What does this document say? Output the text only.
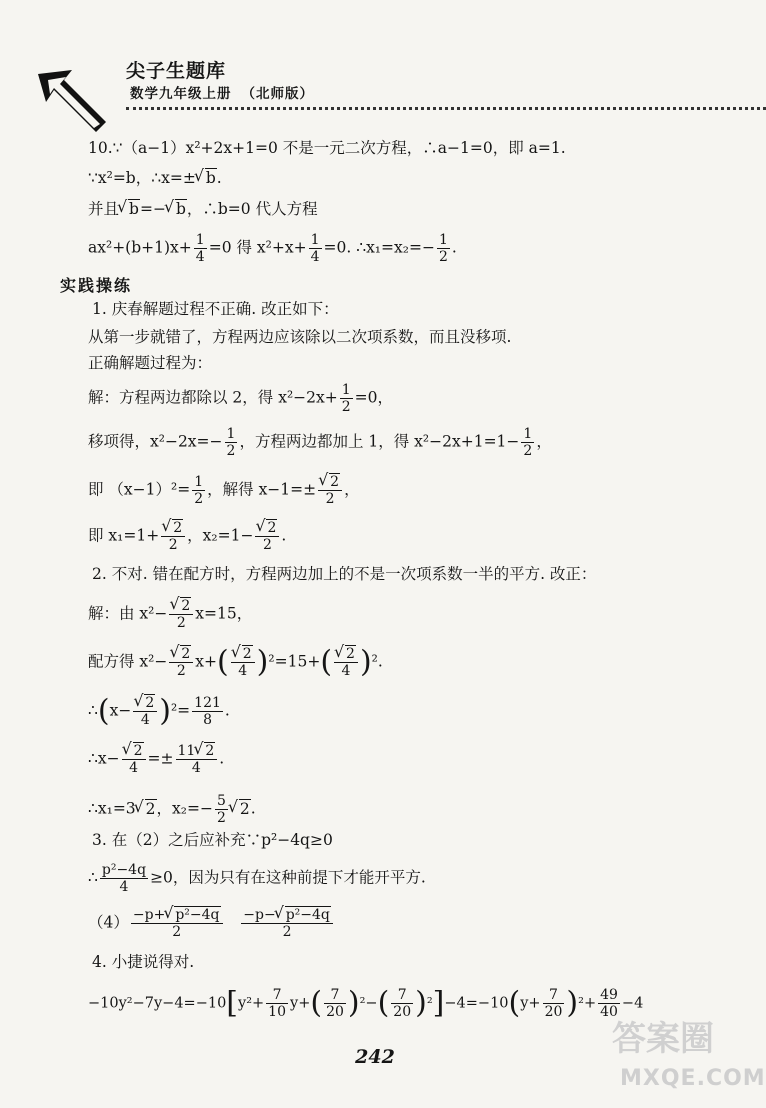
尖子生题库
数学九年级上册 （北师版）
10.∵（a−1）x²+2x+1=0 不是一元二次方程，∴a−1=0，即 a=1.
∵x²=b，∴x=± √ b.
并且 √ b=− √ b，∴b=0 代人方程
$ax^2+(b+1)x+ \frac{1}{4} =0$ 得 $x^2+x+ \frac{1}{4} =0$. ∴x₁=x₂=− $\frac{1}{2}$ .
实践操练
1. 庆春解题过程不正确. 改正如下：
从第一步就错了，方程两边应该除以二次项系数，而且没移项.
正确解题过程为：
解：方程两边都除以 2，得 $x^2-2x+ \frac{1}{2} =0$，
移项得，$x^2-2x=- \frac{1}{2}$ ，方程两边都加上 1，得 $x^2-2x+1=1- \frac{1}{2}$ ，
即 $(x-1)^2= \frac{1}{2}$ ，解得 x−1=± √ $\frac{2}{2}$ ，
即 x₁=1+ √ $\frac{2}{2}$ ，x₂=1− √ $\frac{2}{2}$ .
2. 不对. 错在配方时，方程两边加上的不是一次项系数一半的平方. 改正：
解：由 x²− √ $\frac{2}{2} x=15$，
配方得 x²− √ $\frac{2}{2} x+$( √ $\frac{2}{4} )^2=15+$( √ $\frac{2}{4} )^2$.
∴(x− √ $\frac{2}{4} )^2= \frac{121}{8}$ .
∴x− √ $\frac{2}{4} =\pm \frac{11 √ 2}{4}$ .
∴x₁=3 √ 2，$x_2=- \frac{5}{2}$ √ 2.
3. 在（2）之后应补充∵p²−4q≥0
∴ $\frac{\text{p²−4q}}{4} \ge 0$，因为只有在这种前提下才能开平方.
$(4) \frac{\text{−p+ √ p²−4q}}{2}$
$\frac{\text{−p− √ p²−4q}}{2}$
4. 小捷说得对.
$-10y^2-7y-4=-10[y^2+ \frac{7}{10} y+( \frac{7}{20} )^2-( \frac{7}{20} )^2]-4=-10(y+ \frac{7}{20} )^2+ \frac{49}{40} -4$
242	答案圈
MXQE.COM
